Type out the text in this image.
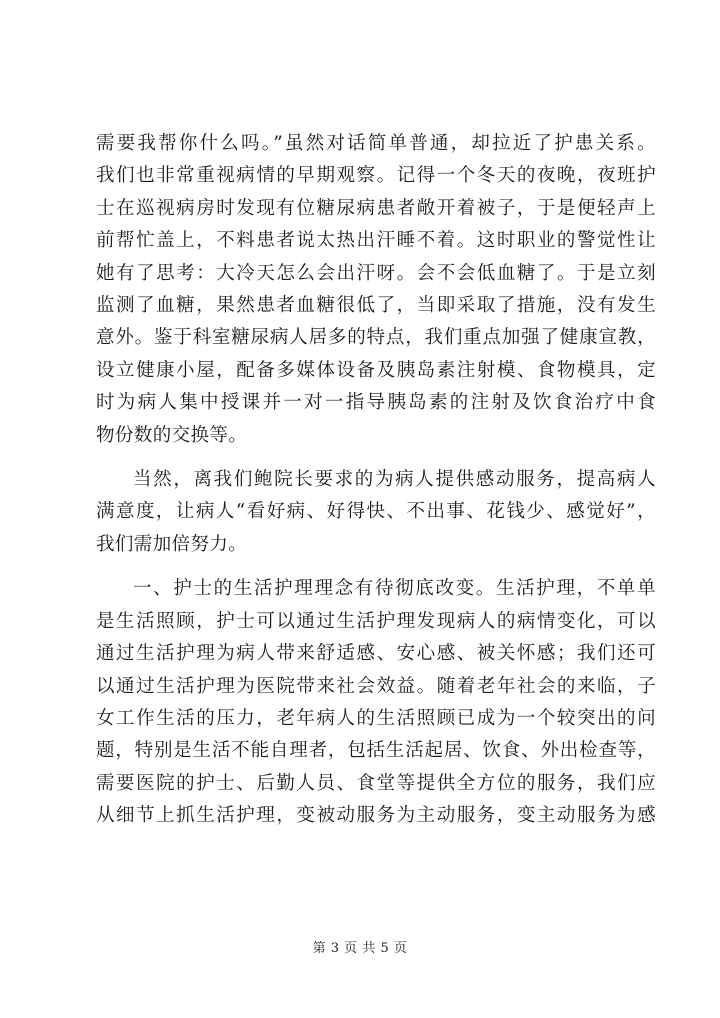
需要我帮你什么吗。”虽然对话简单普通，却拉近了护患关系。
我们也非常重视病情的早期观察。记得一个冬天的夜晚，夜班护
士在巡视病房时发现有位糖尿病患者敞开着被子，于是便轻声上
前帮忙盖上，不料患者说太热出汗睡不着。这时职业的警觉性让
她有了思考：大冷天怎么会出汗呀。会不会低血糖了。于是立刻
监测了血糖，果然患者血糖很低了，当即采取了措施，没有发生
意外。鉴于科室糖尿病人居多的特点，我们重点加强了健康宣教，
设立健康小屋，配备多媒体设备及胰岛素注射模、食物模具，定
时为病人集中授课并一对一指导胰岛素的注射及饮食治疗中食
物份数的交换等。
当然，离我们鲍院长要求的为病人提供感动服务，提高病人
满意度，让病人“看好病、好得快、不出事、花钱少、感觉好”，
我们需加倍努力。
一、护士的生活护理理念有待彻底改变。生活护理，不单单
是生活照顾，护士可以通过生活护理发现病人的病情变化，可以
通过生活护理为病人带来舒适感、安心感、被关怀感；我们还可
以通过生活护理为医院带来社会效益。随着老年社会的来临，子
女工作生活的压力，老年病人的生活照顾已成为一个较突出的问
题，特别是生活不能自理者，包括生活起居、饮食、外出检查等，
需要医院的护士、后勤人员、食堂等提供全方位的服务，我们应
从细节上抓生活护理，变被动服务为主动服务，变主动服务为感
第 3 页 共 5 页
